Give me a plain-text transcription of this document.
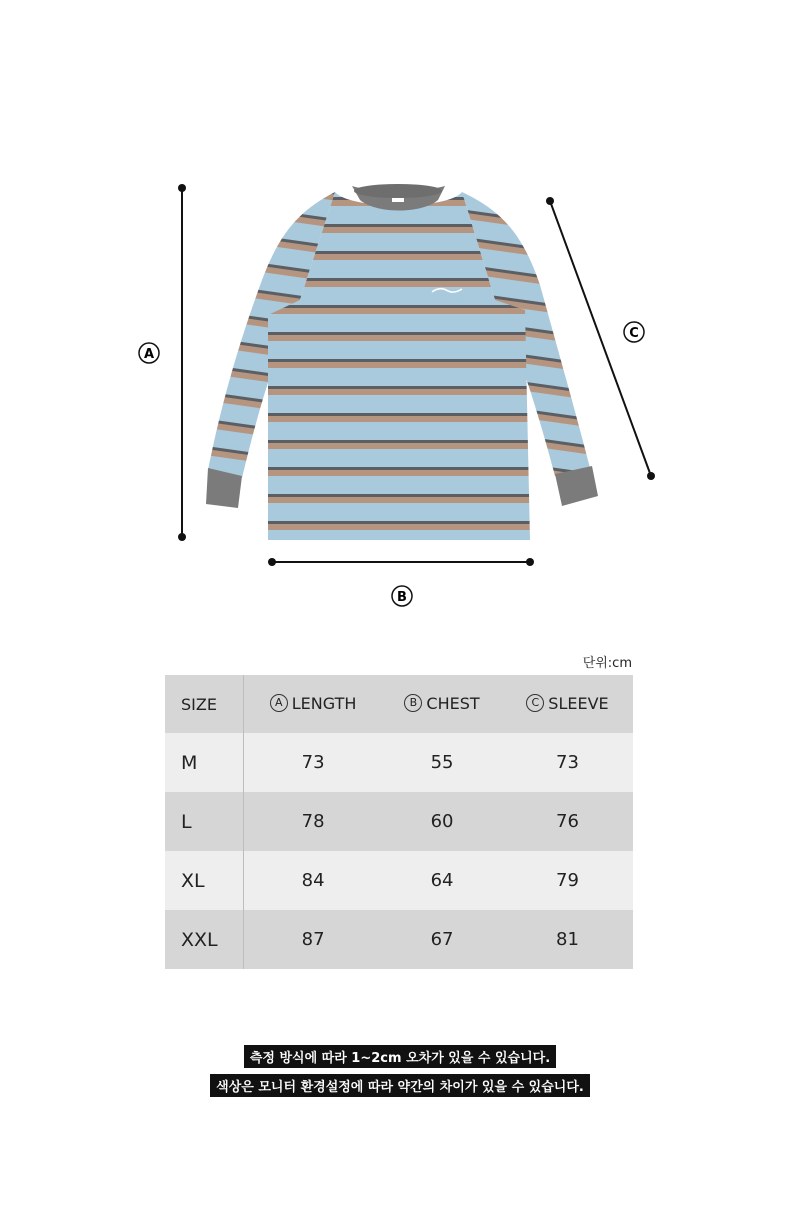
A
B
C
단위:cm
SIZE	A LENGTH	B CHEST	C SLEEVE
M	73	55	73
L	78	60	76
XL	84	64	79
XXL	87	67	81
측정 방식에 따라 1~2cm 오차가 있을 수 있습니다.
색상은 모니터 환경설정에 따라 약간의 차이가 있을 수 있습니다.
